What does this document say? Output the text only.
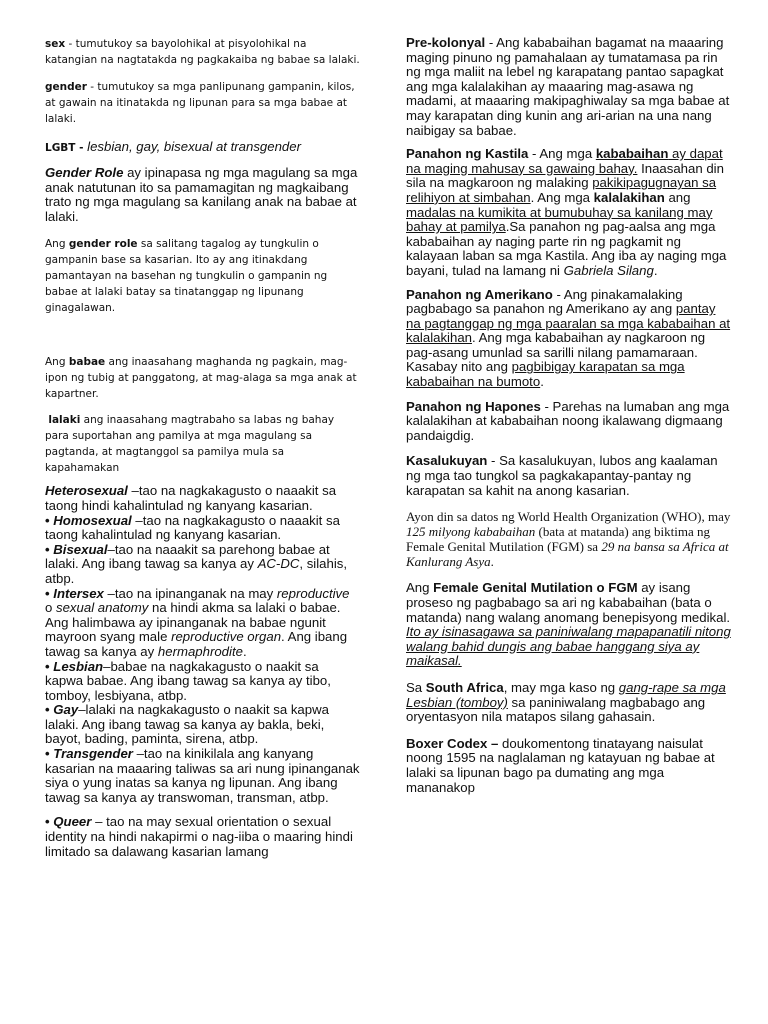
sex - tumutukoy sa bayolohikal at pisyolohikal na katangian na nagtatakda ng pagkakaiba ng babae sa lalaki.

gender - tumutukoy sa mga panlipunang gampanin, kilos, at gawain na itinatakda ng lipunan para sa mga babae at lalaki.

LGBT - lesbian, gay, bisexual at transgender

Gender Role ay ipinapasa ng mga magulang sa mga anak natutunan ito sa pamamagitan ng magkaibang trato ng mga magulang sa kanilang anak na babae at lalaki.

Ang gender role sa salitang tagalog ay tungkulin o gampanin base sa kasarian. Ito ay ang itinakdang pamantayan na basehan ng tungkulin o gampanin ng babae at lalaki batay sa tinatanggap ng lipunang ginagalawan.

Ang babae ang inaasahang maghanda ng pagkain, mag-ipon ng tubig at panggatong, at mag-alaga sa mga anak at kapartner.

lalaki ang inaasahang magtrabaho sa labas ng bahay para suportahan ang pamilya at mga magulang sa pagtanda, at magtanggol sa pamilya mula sa kapahamakan

Heterosexual –tao na nagkakagusto o naaakit sa taong hindi kahalintulad ng kanyang kasarian.

• Homosexual –tao na nagkakagusto o naaakit sa taong kahalintulad ng kanyang kasarian.

• Bisexual–tao na naaakit sa parehong babae at lalaki. Ang ibang tawag sa kanya ay AC-DC, silahis, atbp.

• Intersex –tao na ipinanganak na may reproductive o sexual anatomy na hindi akma sa lalaki o babae. Ang halimbawa ay ipinanganak na babae ngunit mayroon syang male reproductive organ. Ang ibang tawag sa kanya ay hermaphrodite.

• Lesbian–babae na nagkakagusto o naakit sa kapwa babae. Ang ibang tawag sa kanya ay tibo, tomboy, lesbiyana, atbp.

• Gay–lalaki na nagkakagusto o naakit sa kapwa lalaki. Ang ibang tawag sa kanya ay bakla, beki, bayot, bading, paminta, sirena, atbp.

• Transgender –tao na kinikilala ang kanyang kasarian na maaaring taliwas sa ari nung ipinanganak siya o yung inatas sa kanya ng lipunan. Ang ibang tawag sa kanya ay transwoman, transman, atbp.

• Queer – tao na may sexual orientation o sexual identity na hindi nakapirmi o nag-iiba o maaring hindi limitado sa dalawang kasarian lamang

Pre-kolonyal - Ang kababaihan bagamat na maaaring maging pinuno ng pamahalaan ay tumatamasa pa rin ng mga maliit na lebel ng karapatang pantao sapagkat ang mga kalalakihan ay maaaring mag-asawa ng madami, at maaaring makipaghiwalay sa mga babae at may karapatan ding kunin ang ari-arian na una nang naibigay sa babae.

Panahon ng Kastila - Ang mga kababaihan ay dapat na maging mahusay sa gawaing bahay. Inaasahan din sila na magkaroon ng malaking pakikipagugnayan sa relihiyon at simbahan. Ang mga kalalakihan ang madalas na kumikita at bumubuhay sa kanilang may bahay at pamilya.Sa panahon ng pag-aalsa ang mga kababaihan ay naging parte rin ng pagkamit ng kalayaan laban sa mga Kastila. Ang iba ay naging mga bayani, tulad na lamang ni Gabriela Silang.

Panahon ng Amerikano - Ang pinakamalaking pagbabago sa panahon ng Amerikano ay ang pantay na pagtanggap ng mga paaralan sa mga kababaihan at kalalakihan. Ang mga kababaihan ay nagkaroon ng pag-asang umunlad sa sarilli nilang pamamaraan. Kasabay nito ang pagbibigay karapatan sa mga kababaihan na bumoto.

Panahon ng Hapones - Parehas na lumaban ang mga kalalakihan at kababaihan noong ikalawang digmaang pandaigdig.

Kasalukuyan - Sa kasalukuyan, lubos ang kaalaman ng mga tao tungkol sa pagkakapantay-pantay ng karapatan sa kahit na anong kasarian.

Ayon din sa datos ng World Health Organization (WHO), may 125 milyong kababaihan (bata at matanda) ang biktima ng Female Genital Mutilation (FGM) sa 29 na bansa sa Africa at Kanlurang Asya.

Ang Female Genital Mutilation o FGM ay isang proseso ng pagbabago sa ari ng kababaihan (bata o matanda) nang walang anomang benepisyong medikal. Ito ay isinasagawa sa paniniwalang mapapanatili nitong walang bahid dungis ang babae hanggang siya ay maikasal.

Sa South Africa, may mga kaso ng gang-rape sa mga Lesbian (tomboy) sa paniniwalang magbabago ang oryentasyon nila matapos silang gahasain.

Boxer Codex – doukomentong tinatayang naisulat noong 1595 na naglalaman ng katayuan ng babae at lalaki sa lipunan bago pa dumating ang mga mananakop
